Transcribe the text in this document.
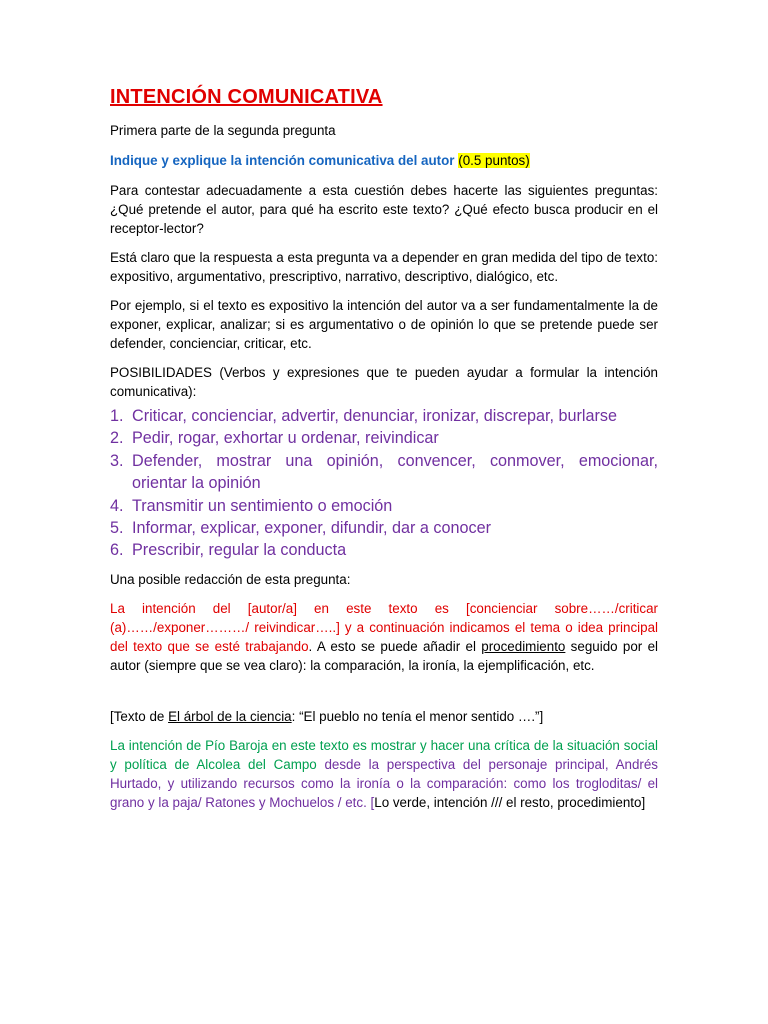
INTENCIÓN COMUNICATIVA

Primera parte de la segunda pregunta

Indique y explique la intención comunicativa del autor (0.5 puntos)

Para contestar adecuadamente a esta cuestión debes hacerte las siguientes preguntas: ¿Qué pretende el autor, para qué ha escrito este texto? ¿Qué efecto busca producir en el receptor-lector?

Está claro que la respuesta a esta pregunta va a depender en gran medida del tipo de texto: expositivo, argumentativo, prescriptivo, narrativo, descriptivo, dialógico, etc.

Por ejemplo, si el texto es expositivo la intención del autor va a ser fundamentalmente la de exponer, explicar, analizar; si es argumentativo o de opinión lo que se pretende puede ser defender, concienciar, criticar, etc.

POSIBILIDADES (Verbos y expresiones que te pueden ayudar a formular la intención comunicativa):

1. Criticar, concienciar, advertir, denunciar, ironizar, discrepar, burlarse
2. Pedir, rogar, exhortar u ordenar, reivindicar
3. Defender, mostrar una opinión, convencer, conmover, emocionar, orientar la opinión
4. Transmitir un sentimiento o emoción
5. Informar, explicar, exponer, difundir, dar a conocer
6. Prescribir, regular la conducta

Una posible redacción de esta pregunta:

La intención del [autor/a] en este texto es [concienciar sobre……/criticar (a)……/exponer………/ reivindicar…..] y a continuación indicamos el tema o idea principal del texto que se esté trabajando. A esto se puede añadir el procedimiento seguido por el autor (siempre que se vea claro): la comparación, la ironía, la ejemplificación, etc.

[Texto de El árbol de la ciencia: “El pueblo no tenía el menor sentido ….”]

La intención de Pío Baroja en este texto es mostrar y hacer una crítica de la situación social y política de Alcolea del Campo desde la perspectiva del personaje principal, Andrés Hurtado, y utilizando recursos como la ironía o la comparación: como los trogloditas/ el grano y la paja/ Ratones y Mochuelos / etc. [Lo verde, intención /// el resto, procedimiento]
